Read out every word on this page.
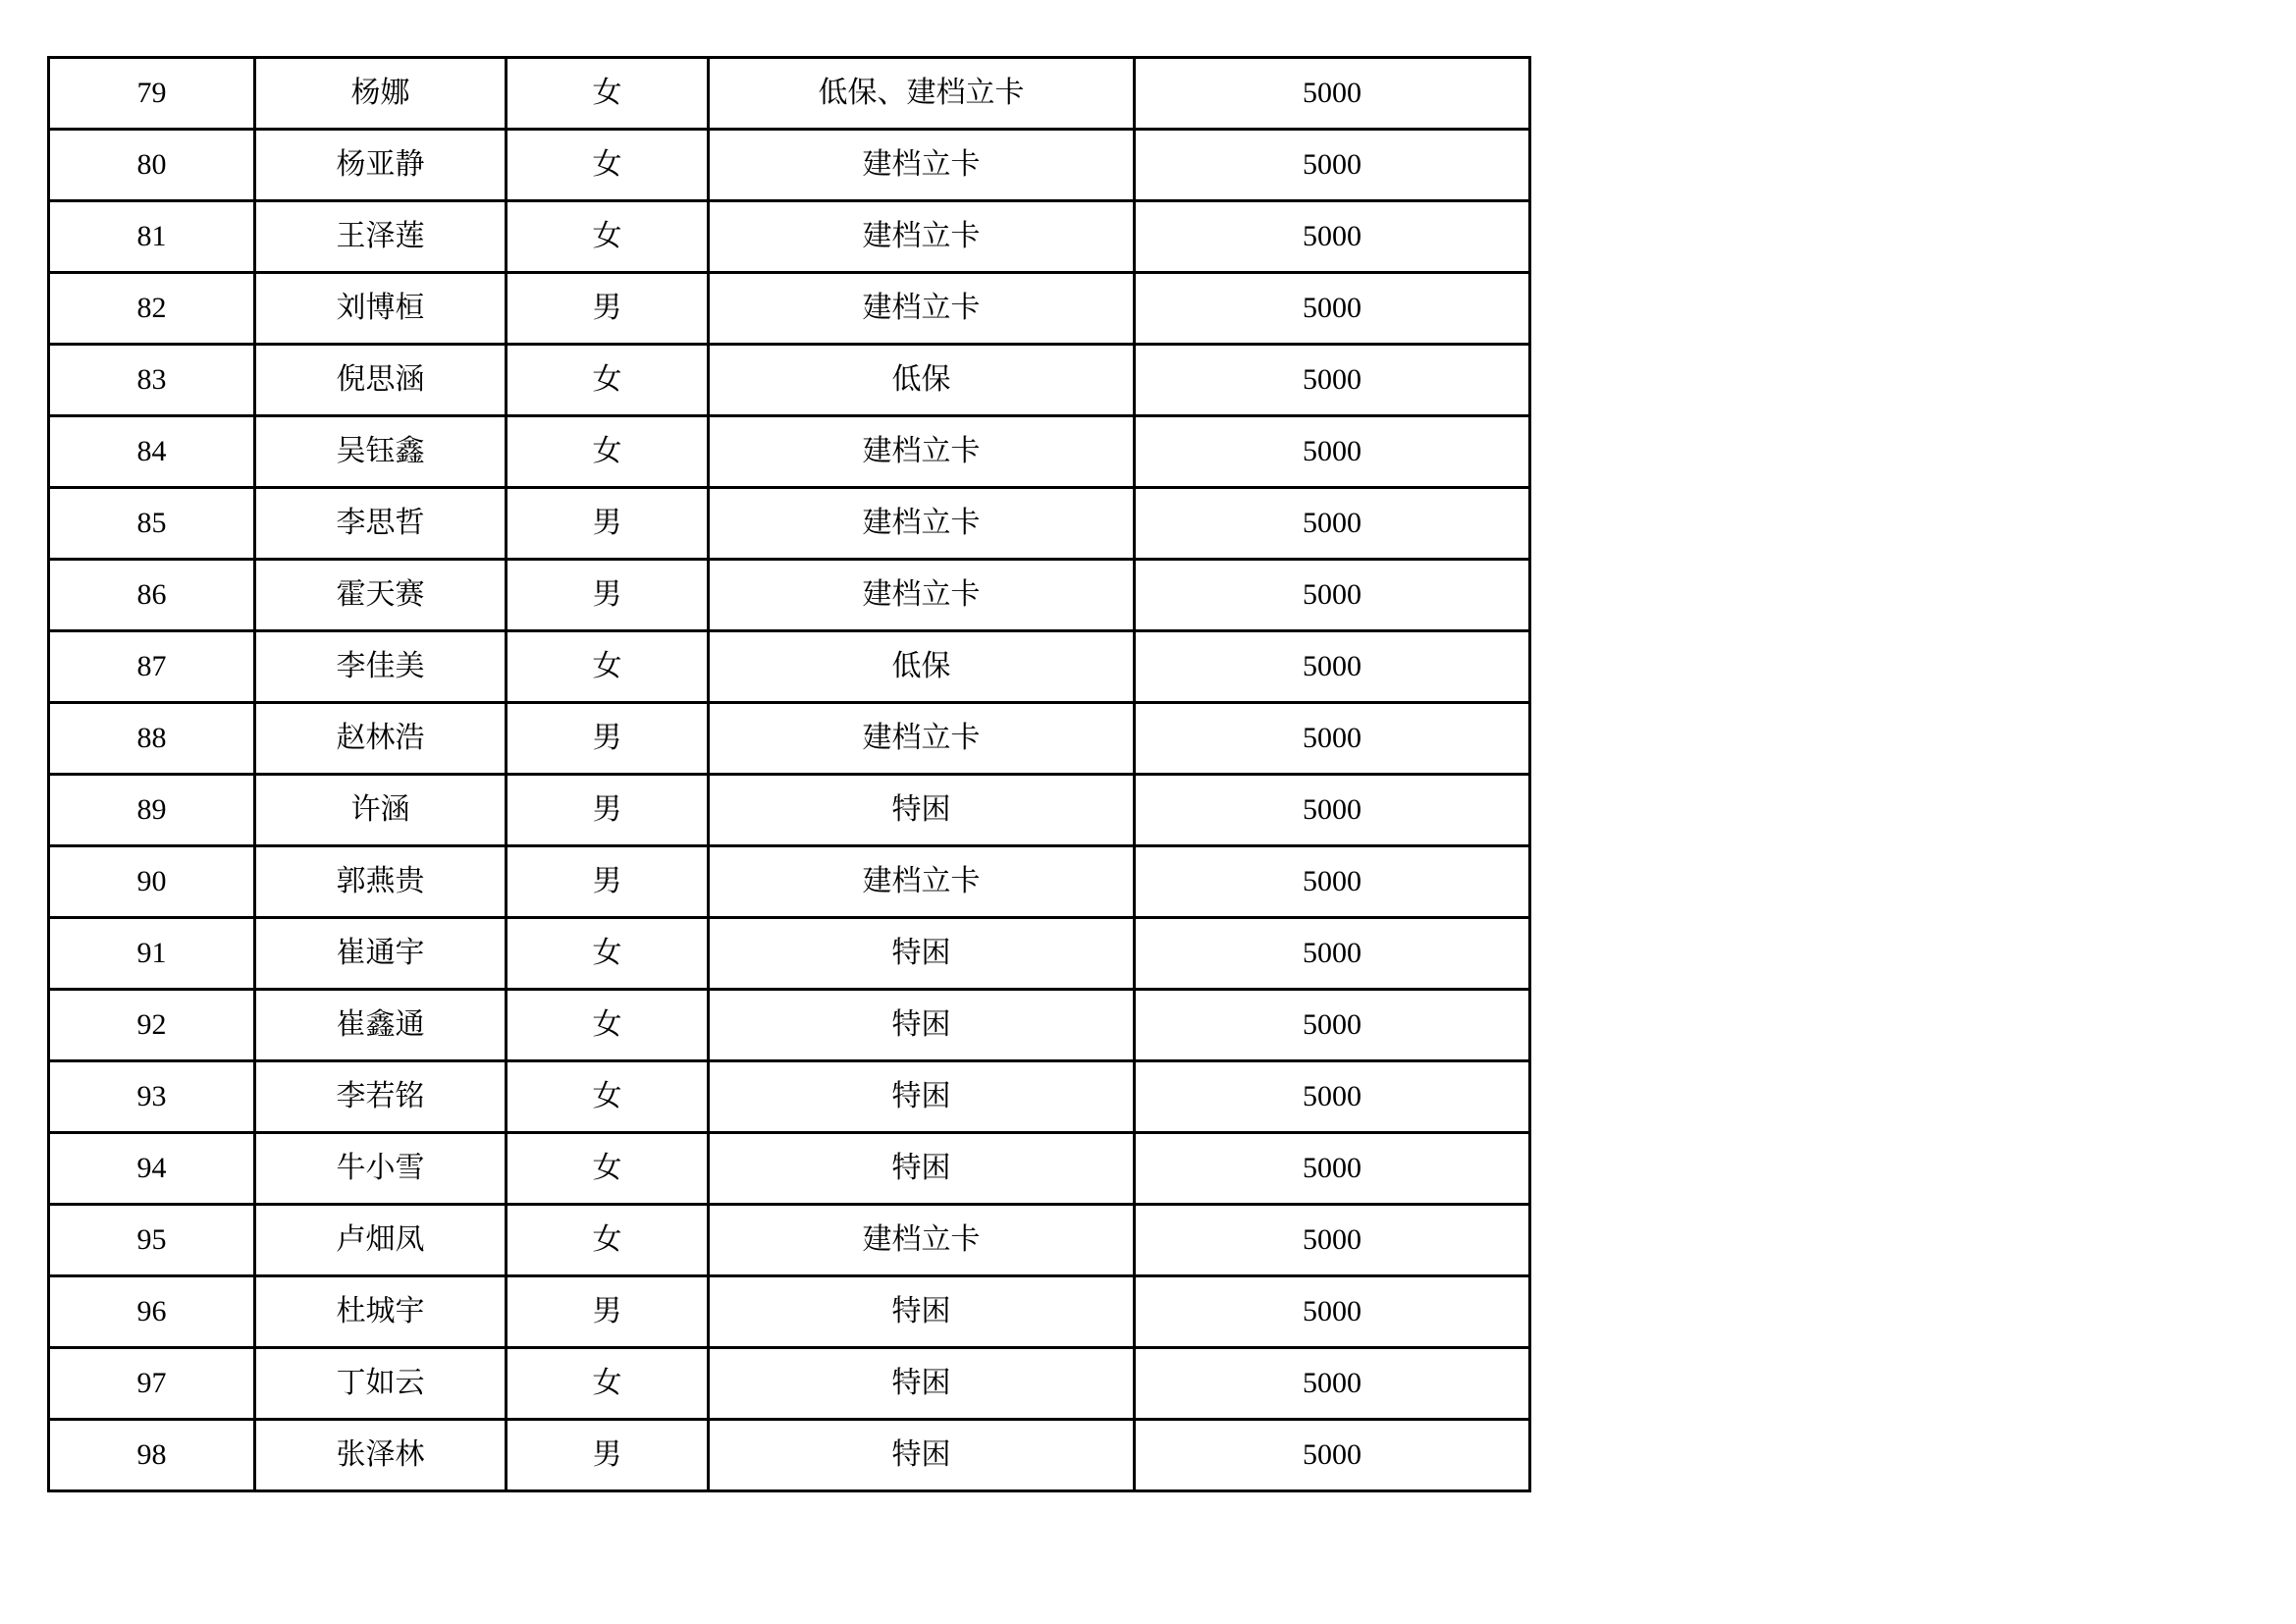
79	杨娜	女	低保、建档立卡	5000
80	杨亚静	女	建档立卡	5000
81	王泽莲	女	建档立卡	5000
82	刘博桓	男	建档立卡	5000
83	倪思涵	女	低保	5000
84	吴钰鑫	女	建档立卡	5000
85	李思哲	男	建档立卡	5000
86	霍天赛	男	建档立卡	5000
87	李佳美	女	低保	5000
88	赵林浩	男	建档立卡	5000
89	许涵	男	特困	5000
90	郭燕贵	男	建档立卡	5000
91	崔通宇	女	特困	5000
92	崔鑫通	女	特困	5000
93	李若铭	女	特困	5000
94	牛小雪	女	特困	5000
95	卢畑凤	女	建档立卡	5000
96	杜城宇	男	特困	5000
97	丁如云	女	特困	5000
98	张泽林	男	特困	5000
